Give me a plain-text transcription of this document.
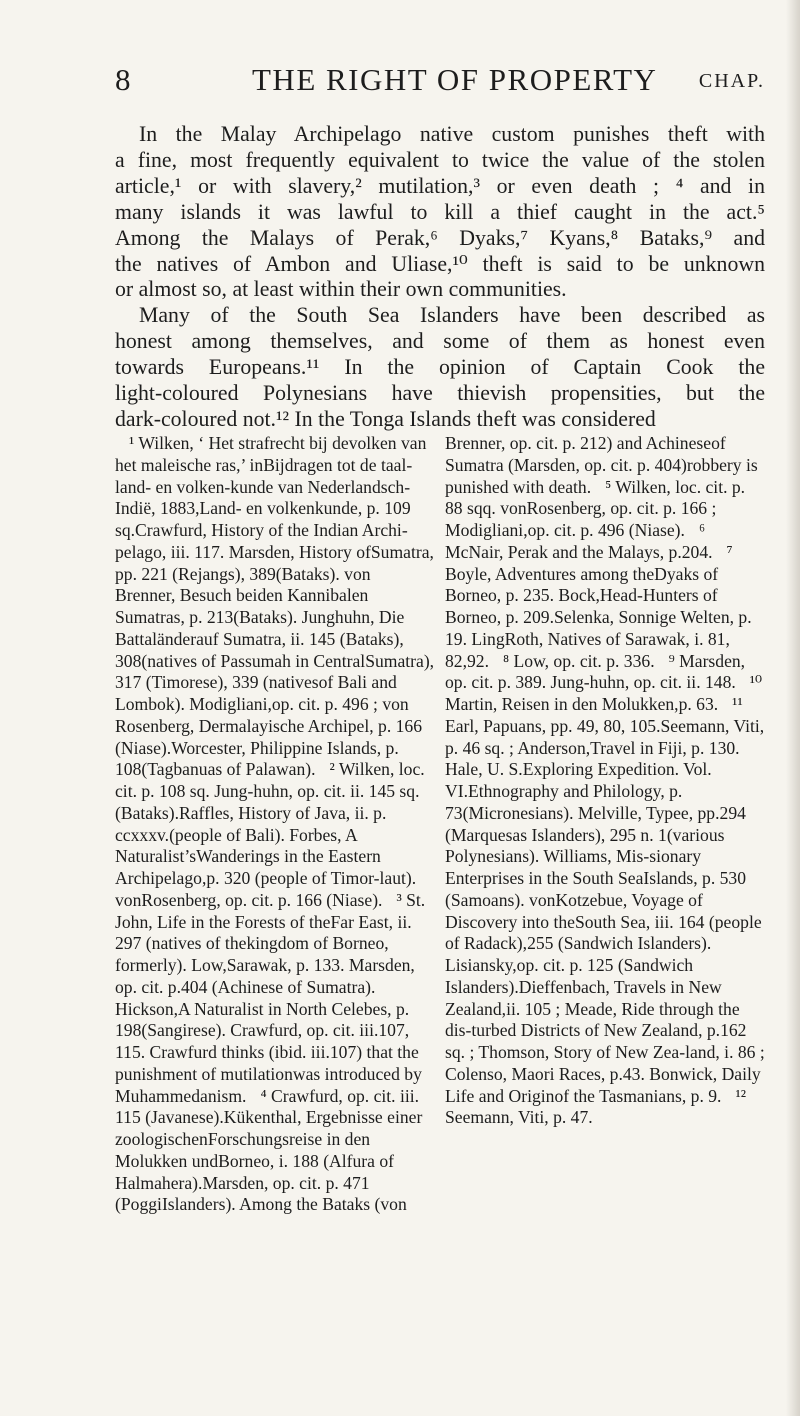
8	THE RIGHT OF PROPERTY CHAP.
In the Malay Archipelago native custom punishes theft with
a fine, most frequently equivalent to twice the value of the stolen
article,¹ or with slavery,² mutilation,³ or even death ; ⁴ and in
many islands it was lawful to kill a thief caught in the act.⁵
Among the Malays of Perak,⁶ Dyaks,⁷ Kyans,⁸ Bataks,⁹ and
the natives of Ambon and Uliase,¹⁰ theft is said to be unknown
or almost so, at least within their own communities.
Many of the South Sea Islanders have been described as
honest among themselves, and some of them as honest even
towards Europeans.¹¹ In the opinion of Captain Cook the
light-coloured Polynesians have thievish propensities, but the
dark-coloured not.¹² In the Tonga Islands theft was considered
¹ Wilken, ‘ Het strafrecht bij devolken van het maleische ras,’ inBijdragen tot de taal- land- en volken-kunde van Nederlandsch-Indië, 1883,Land- en volkenkunde, p. 109 sq.Crawfurd, History of the Indian Archi-pelago, iii. 117. Marsden, History ofSumatra, pp. 221 (Rejangs), 389(Bataks). von Brenner, Besuch beiden Kannibalen Sumatras, p. 213(Bataks). Junghuhn, Die Battaländerauf Sumatra, ii. 145 (Bataks), 308(natives of Passumah in CentralSumatra), 317 (Timorese), 339 (nativesof Bali and Lombok). Modigliani,op. cit. p. 496 ; von Rosenberg, Dermalayische Archipel, p. 166 (Niase).Worcester, Philippine Islands, p. 108(Tagbanuas of Palawan). ² Wilken, loc. cit. p. 108 sq. Jung-huhn, op. cit. ii. 145 sq. (Bataks).Raffles, History of Java, ii. p. ccxxxv.(people of Bali). Forbes, A Naturalist’sWanderings in the Eastern Archipelago,p. 320 (people of Timor-laut). vonRosenberg, op. cit. p. 166 (Niase). ³ St. John, Life in the Forests of theFar East, ii. 297 (natives of thekingdom of Borneo, formerly). Low,Sarawak, p. 133. Marsden, op. cit. p.404 (Achinese of Sumatra). Hickson,A Naturalist in North Celebes, p. 198(Sangirese). Crawfurd, op. cit. iii.107, 115. Crawfurd thinks (ibid. iii.107) that the punishment of mutilationwas introduced by Muhammedanism. ⁴ Crawfurd, op. cit. iii. 115 (Javanese).Kükenthal, Ergebnisse einer zoologischenForschungsreise in den Molukken undBorneo, i. 188 (Alfura of Halmahera).Marsden, op. cit. p. 471 (PoggiIslanders). Among the Bataks (von
Brenner, op. cit. p. 212) and Achineseof Sumatra (Marsden, op. cit. p. 404)robbery is punished with death. ⁵ Wilken, loc. cit. p. 88 sqq. vonRosenberg, op. cit. p. 166 ; Modigliani,op. cit. p. 496 (Niase). ⁶ McNair, Perak and the Malays, p.204. ⁷ Boyle, Adventures among theDyaks of Borneo, p. 235. Bock,Head-Hunters of Borneo, p. 209.Selenka, Sonnige Welten, p. 19. LingRoth, Natives of Sarawak, i. 81, 82,92. ⁸ Low, op. cit. p. 336. ⁹ Marsden, op. cit. p. 389. Jung-huhn, op. cit. ii. 148. ¹⁰ Martin, Reisen in den Molukken,p. 63. ¹¹ Earl, Papuans, pp. 49, 80, 105.Seemann, Viti, p. 46 sq. ; Anderson,Travel in Fiji, p. 130. Hale, U. S.Exploring Expedition. Vol. VI.Ethnography and Philology, p. 73(Micronesians). Melville, Typee, pp.294 (Marquesas Islanders), 295 n. 1(various Polynesians). Williams, Mis-sionary Enterprises in the South SeaIslands, p. 530 (Samoans). vonKotzebue, Voyage of Discovery into theSouth Sea, iii. 164 (people of Radack),255 (Sandwich Islanders). Lisiansky,op. cit. p. 125 (Sandwich Islanders).Dieffenbach, Travels in New Zealand,ii. 105 ; Meade, Ride through the dis-turbed Districts of New Zealand, p.162 sq. ; Thomson, Story of New Zea-land, i. 86 ; Colenso, Maori Races, p.43. Bonwick, Daily Life and Originof the Tasmanians, p. 9. ¹² Seemann, Viti, p. 47.
